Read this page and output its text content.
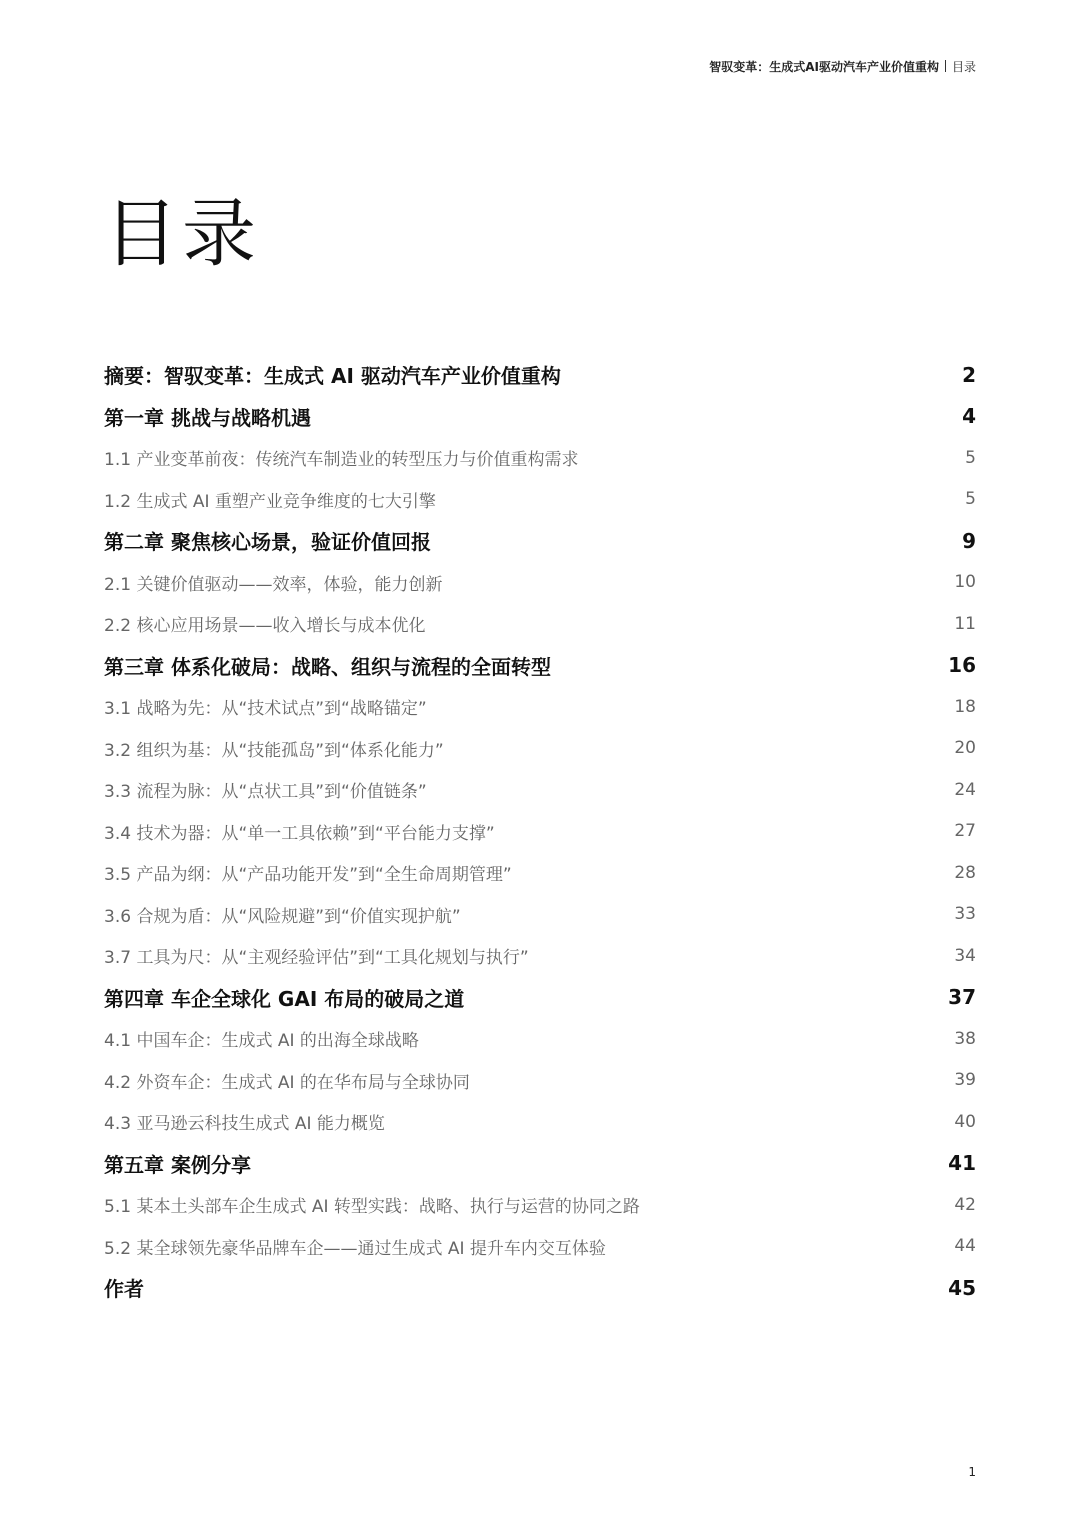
智驭变革：生成式AI驱动汽车产业价值重构 目录
目录
摘要：智驭变革：生成式 AI 驱动汽车产业价值重构	2
第一章 挑战与战略机遇	4
1.1 产业变革前夜：传统汽车制造业的转型压力与价值重构需求	5
1.2 生成式 AI 重塑产业竞争维度的七大引擎	5
第二章 聚焦核心场景，验证价值回报	9
2.1 关键价值驱动——效率，体验，能力创新	10
2.2 核心应用场景——收入增长与成本优化	11
第三章 体系化破局：战略、组织与流程的全面转型	16
3.1 战略为先：从“技术试点”到“战略锚定”	18
3.2 组织为基：从“技能孤岛”到“体系化能力”	20
3.3 流程为脉：从“点状工具”到“价值链条”	24
3.4 技术为器：从“单一工具依赖”到“平台能力支撑”	27
3.5 产品为纲：从“产品功能开发”到“全生命周期管理”	28
3.6 合规为盾：从“风险规避”到“价值实现护航”	33
3.7 工具为尺：从“主观经验评估”到“工具化规划与执行”	34
第四章 车企全球化 GAI 布局的破局之道	37
4.1 中国车企：生成式 AI 的出海全球战略	38
4.2 外资车企：生成式 AI 的在华布局与全球协同	39
4.3 亚马逊云科技生成式 AI 能力概览	40
第五章 案例分享	41
5.1 某本土头部车企生成式 AI 转型实践：战略、执行与运营的协同之路	42
5.2 某全球领先豪华品牌车企——通过生成式 AI 提升车内交互体验	44
作者	45
1
